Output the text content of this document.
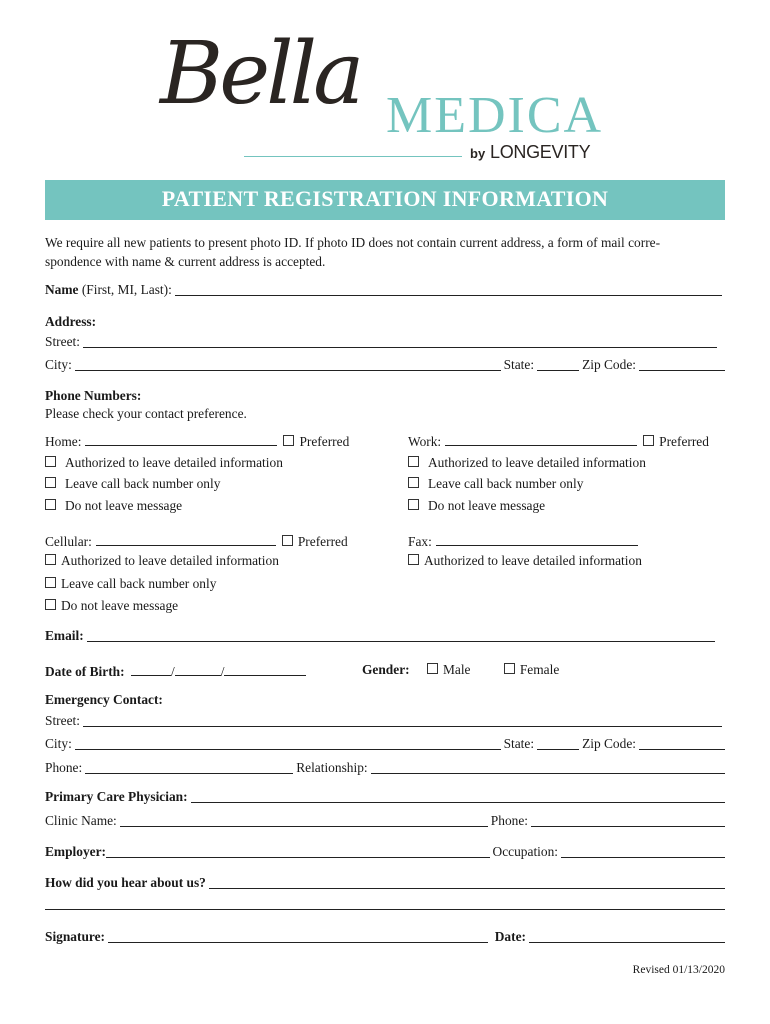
Bella MEDICA
by LONGEVITY
PATIENT REGISTRATION INFORMATION
We require all new patients to present photo ID. If photo ID does not contain current address, a form of mail corre-
spondence with name & current address is accepted.
Name
(First, MI, Last):
Address:
Street:
City:	State:	Zip Code:
Phone Numbers:
Please check your contact preference.
Home:	Preferred
Authorized to leave detailed information
Leave call back number only
Do not leave message
Work:	Preferred
Authorized to leave detailed information
Leave call back number only
Do not leave message
Cellular:	Preferred
Authorized to leave detailed information
Leave call back number only
Do not leave message
Fax:
Authorized to leave detailed information
Email:
Date of Birth:	/	/	Gender: Male	Female
Emergency Contact:
Street:
City:	State:	Zip Code:
Phone:	Relationship:
Primary Care Physician:
Clinic Name:	Phone:
Employer:	Occupation:
How did you hear about us?
Signature:	Date:
Revised 01/13/2020
